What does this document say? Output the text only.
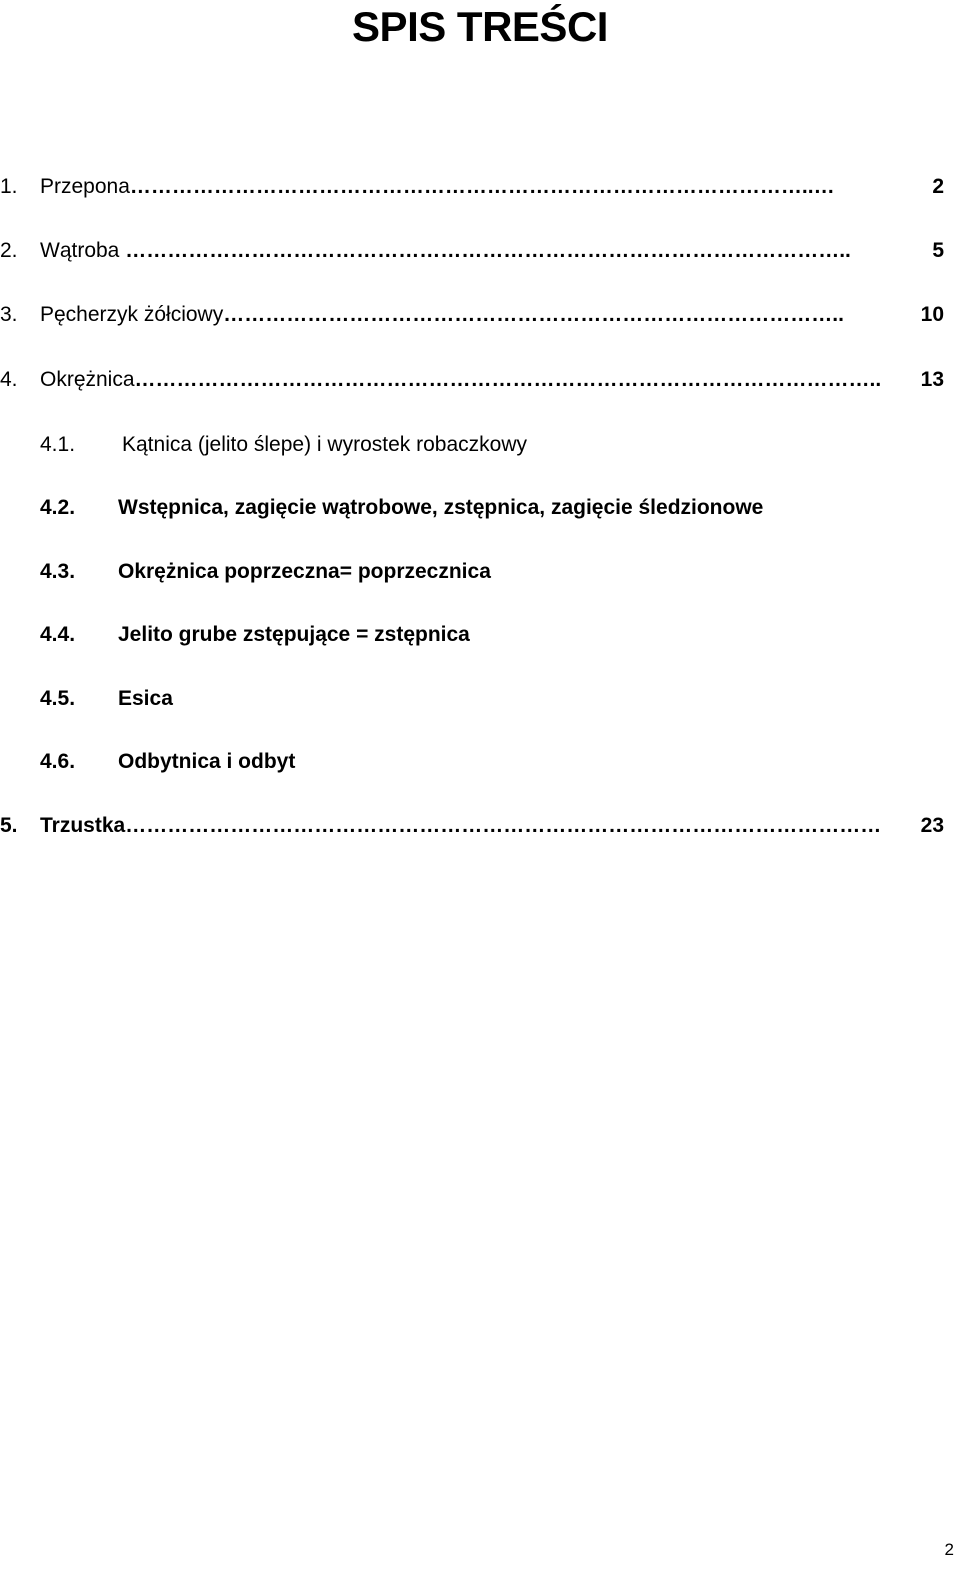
SPIS TREŚCI
1.	Przepona ……………………………………………………………………………………..…	2
2.	Wątroba …………………………………………………………………………………………..	5
3.	Pęcherzyk żółciowy ……………………………………………………………………………..	10
4.	Okrężnica ……………………………………………………………………………………………..	13
4.1. Kątnica (jelito ślepe) i wyrostek robaczkowy
4.2. Wstępnica, zagięcie wątrobowe, zstępnica, zagięcie śledzionowe
4.3. Okrężnica poprzeczna= poprzecznica
4.4. Jelito grube zstępujące = zstępnica
4.5. Esica
4.6. Odbytnica i odbyt
5.	Trzustka ………………………………………………………………………………………………	23
2
